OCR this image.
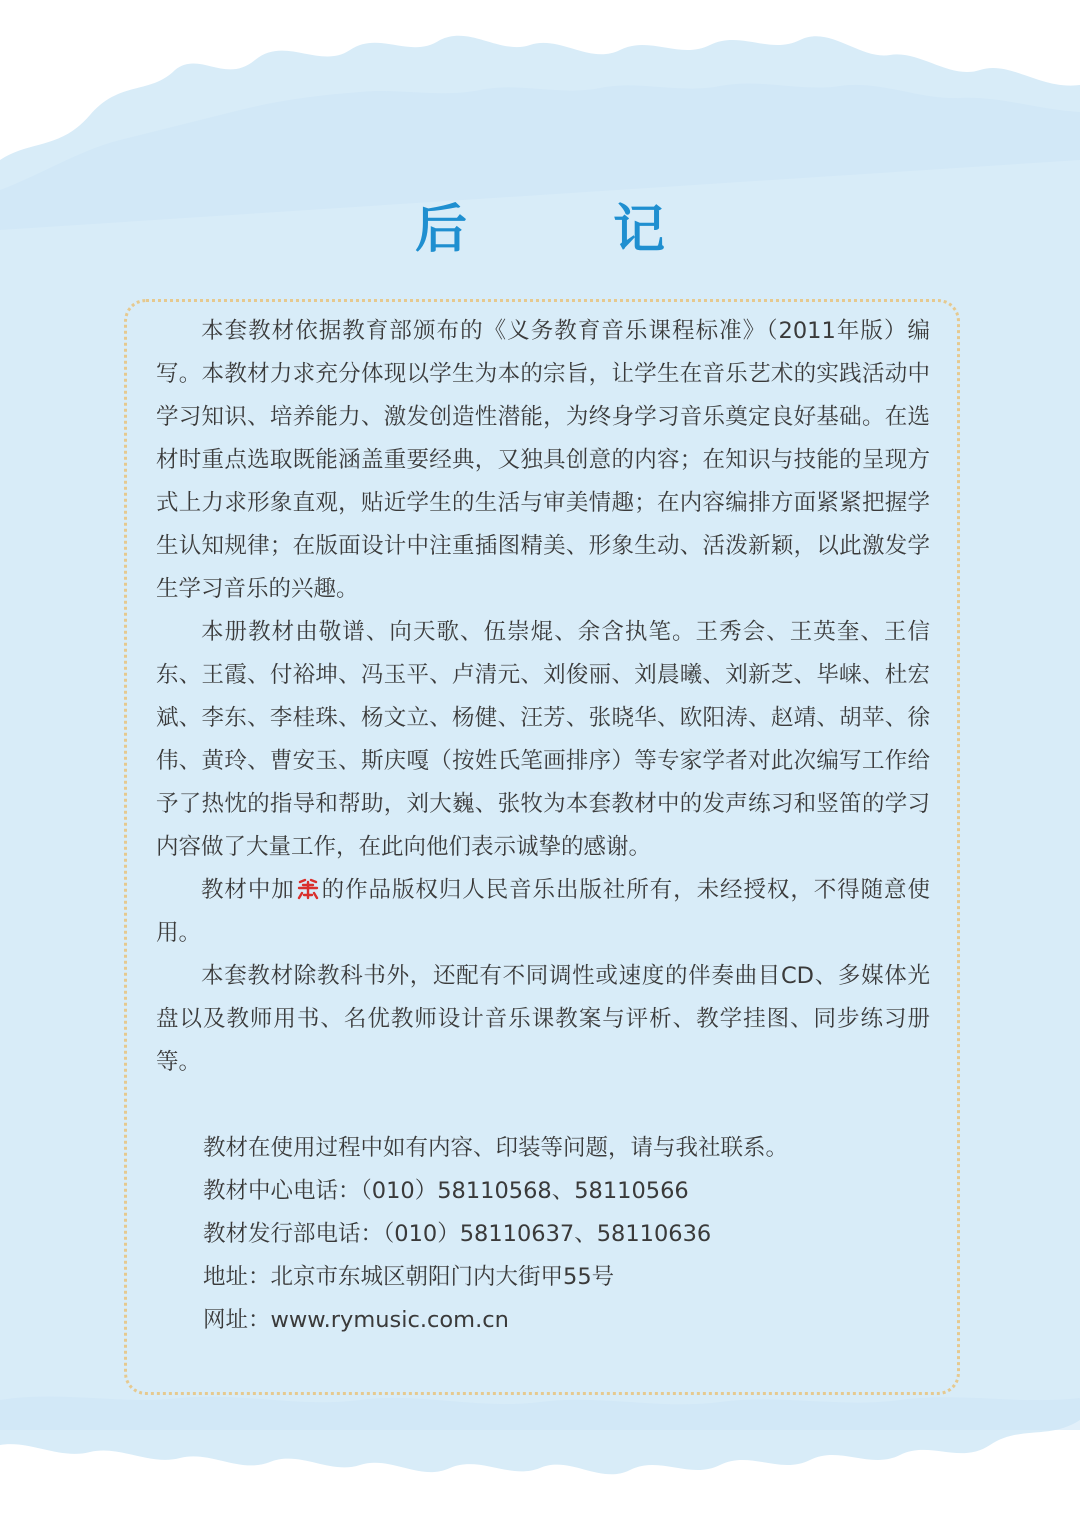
后 记

本套教材依据教育部颁布的《义务教育音乐课程标准》（2011年版）编写。本教材力求充分体现以学生为本的宗旨，让学生在音乐艺术的实践活动中学习知识、培养能力、激发创造性潜能，为终身学习音乐奠定良好基础。在选材时重点选取既能涵盖重要经典，又独具创意的内容；在知识与技能的呈现方式上力求形象直观，贴近学生的生活与审美情趣；在内容编排方面紧紧把握学生认知规律；在版面设计中注重插图精美、形象生动、活泼新颖，以此激发学生学习音乐的兴趣。

本册教材由敬谱、向天歌、伍崇焜、余含执笔。王秀会、王英奎、王信东、王霞、付裕坤、冯玉平、卢清元、刘俊丽、刘晨曦、刘新芝、毕崃、杜宏斌、李东、李桂珠、杨文立、杨健、汪芳、张晓华、欧阳涛、赵靖、胡苹、徐伟、黄玲、曹安玉、斯庆嘎（按姓氏笔画排序）等专家学者对此次编写工作给予了热忱的指导和帮助，刘大巍、张牧为本套教材中的发声练习和竖笛的学习内容做了大量工作，在此向他们表示诚挚的感谢。

教材中加 的作品版权归人民音乐出版社所有，未经授权，不得随意使用。

本套教材除教科书外，还配有不同调性或速度的伴奏曲目CD、多媒体光盘以及教师用书、名优教师设计音乐课教案与评析、教学挂图、同步练习册等。

教材在使用过程中如有内容、印装等问题，请与我社联系。
教材中心电话：（010）58110568、58110566
教材发行部电话：（010）58110637、58110636
地址：北京市东城区朝阳门内大街甲55号
网址：www.rymusic.com.cn
